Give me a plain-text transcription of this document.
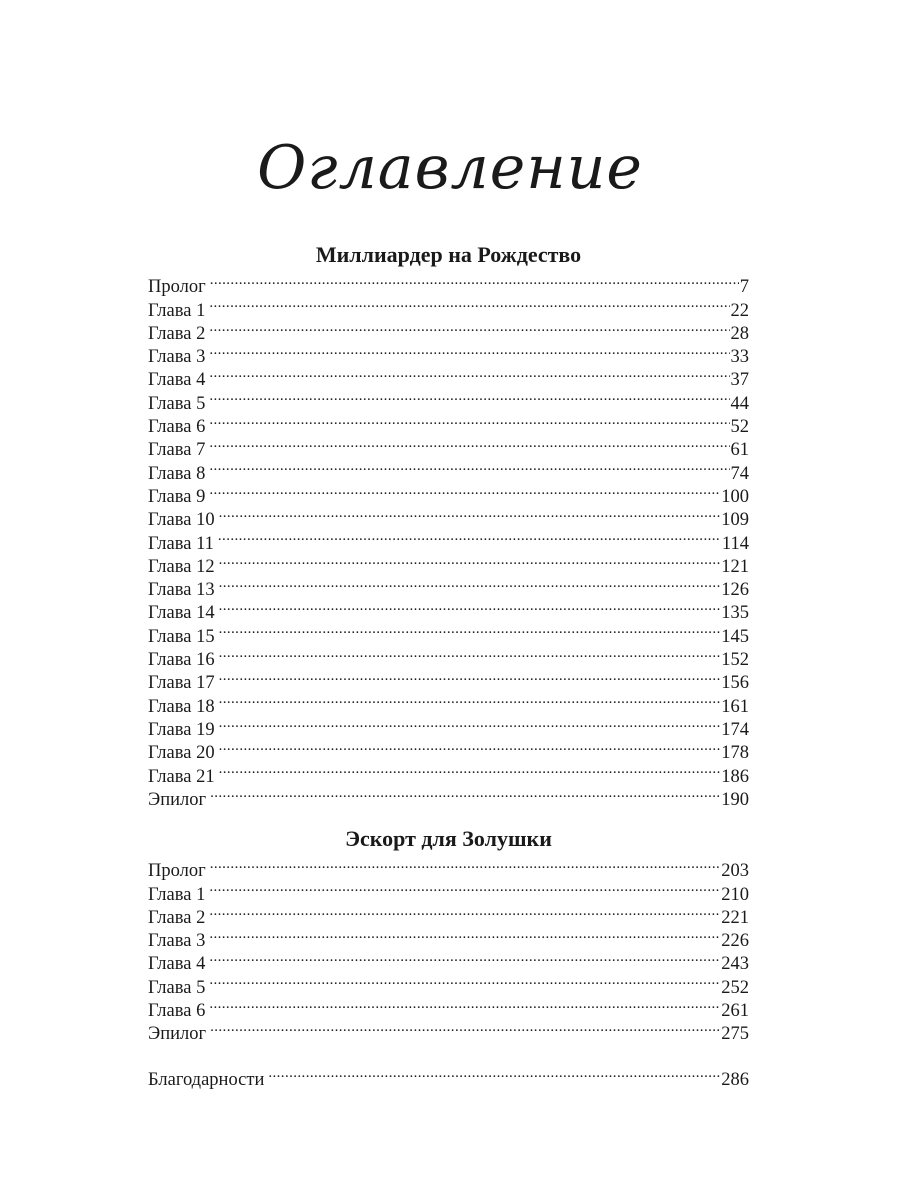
Оглавление
Миллиардер на Рождество
Пролог .....	7
Глава 1 .....	22
Глава 2 .....	28
Глава 3 .....	33
Глава 4 .....	37
Глава 5 .....	44
Глава 6 .....	52
Глава 7 .....	61
Глава 8 .....	74
Глава 9 .....	100
Глава 10 .....	109
Глава 11 .....	114
Глава 12 .....	121
Глава 13 .....	126
Глава 14 .....	135
Глава 15 .....	145
Глава 16 .....	152
Глава 17 .....	156
Глава 18 .....	161
Глава 19 .....	174
Глава 20 .....	178
Глава 21 .....	186
Эпилог .....	190
Эскорт для Золушки
Пролог .....	203
Глава 1 .....	210
Глава 2 .....	221
Глава 3 .....	226
Глава 4 .....	243
Глава 5 .....	252
Глава 6 .....	261
Эпилог .....	275
Благодарности .....	286
